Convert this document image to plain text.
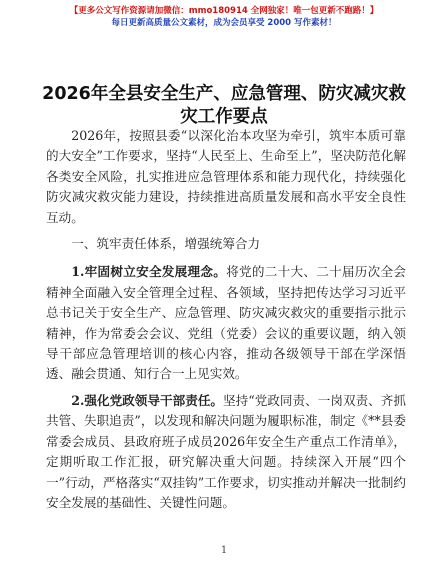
【更多公文写作资源请加微信：mmo180914 全网独家！唯一包更新不跑路！】
每日更新高质量公文素材，成为会员享受 2000 写作素材！
2026年全县安全生产、应急管理、防灾减灾救灾工作要点

2026年，按照县委“以深化治本攻坚为牵引，筑牢本质可靠的大安全”工作要求，坚持“人民至上、生命至上”，坚决防范化解各类安全风险，扎实推进应急管理体系和能力现代化，持续强化防灾减灾救灾能力建设，持续推进高质量发展和高水平安全良性互动。

一、筑牢责任体系，增强统筹合力

1.牢固树立安全发展理念。将党的二十大、二十届历次全会精神全面融入安全管理全过程、各领域，坚持把传达学习习近平总书记关于安全生产、应急管理、防灾减灾救灾的重要指示批示精神，作为常委会会议、党组（党委）会议的重要议题，纳入领导干部应急管理培训的核心内容，推动各级领导干部在学深悟透、融会贯通、知行合一上见实效。

2.强化党政领导干部责任。坚持“党政同责、一岗双责、齐抓共管、失职追责”，以发现和解决问题为履职标准，制定《**县委常委会成员、县政府班子成员2026年安全生产重点工作清单》，定期听取工作汇报，研究解决重大问题。持续深入开展“四个一”行动，严格落实“双挂钩”工作要求，切实推动并解决一批制约安全发展的基础性、关键性问题。

1
